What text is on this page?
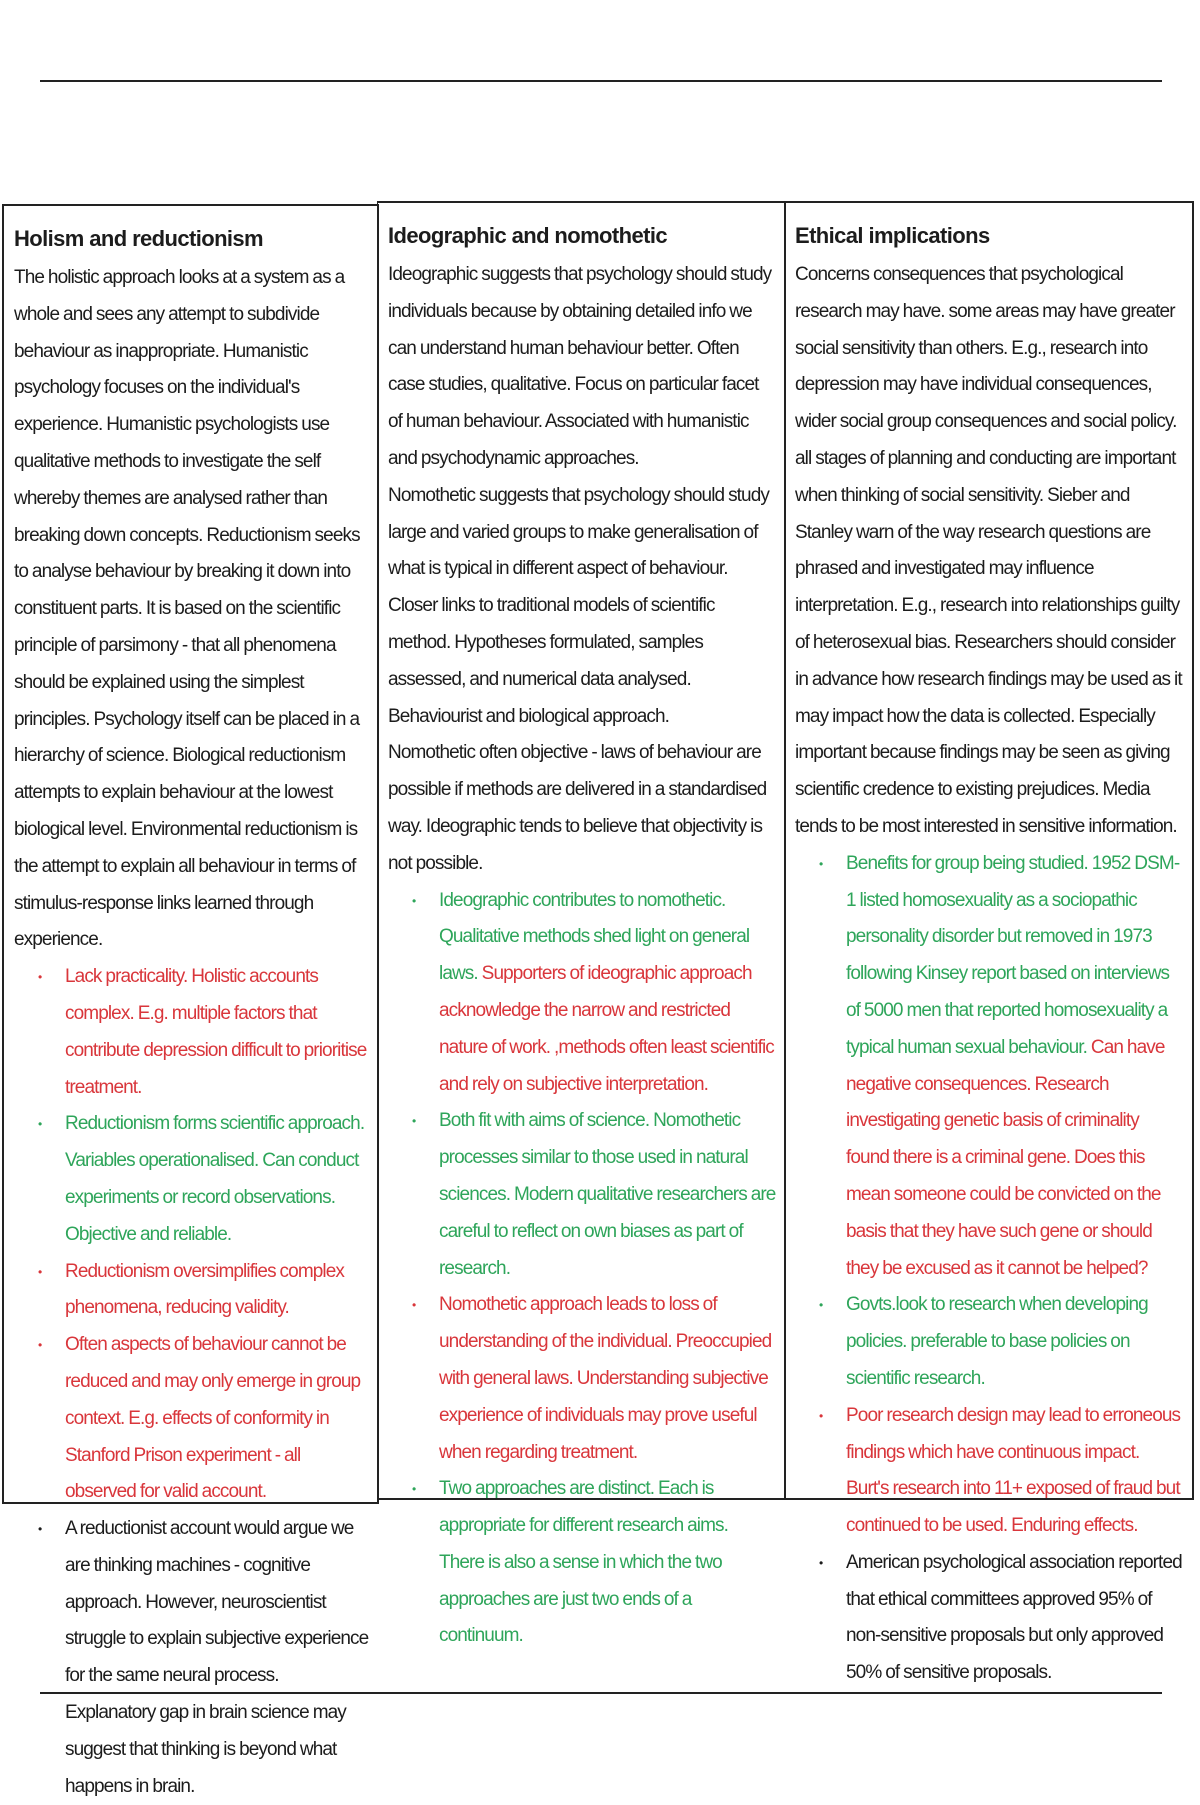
Holism and reductionism

The holistic approach looks at a system as a whole and sees any attempt to subdivide behaviour as inappropriate. Humanistic psychology focuses on the individual's experience. Humanistic psychologists use qualitative methods to investigate the self whereby themes are analysed rather than breaking down concepts. Reductionism seeks to analyse behaviour by breaking it down into constituent parts. It is based on the scientific principle of parsimony - that all phenomena should be explained using the simplest principles. Psychology itself can be placed in a hierarchy of science. Biological reductionism attempts to explain behaviour at the lowest biological level. Environmental reductionism is the attempt to explain all behaviour in terms of stimulus-response links learned through experience.

• Lack practicality. Holistic accounts complex. E.g. multiple factors that contribute depression difficult to prioritise treatment.
• Reductionism forms scientific approach. Variables operationalised. Can conduct experiments or record observations. Objective and reliable.
• Reductionism oversimplifies complex phenomena, reducing validity.
• Often aspects of behaviour cannot be reduced and may only emerge in group context. E.g. effects of conformity in Stanford Prison experiment - all observed for valid account.
• A reductionist account would argue we are thinking machines - cognitive approach. However, neuroscientist struggle to explain subjective experience for the same neural process. Explanatory gap in brain science may suggest that thinking is beyond what happens in brain.
Ideographic and nomothetic

Ideographic suggests that psychology should study individuals because by obtaining detailed info we can understand human behaviour better. Often case studies, qualitative. Focus on particular facet of human behaviour. Associated with humanistic and psychodynamic approaches.

Nomothetic suggests that psychology should study large and varied groups to make generalisation of what is typical in different aspect of behaviour. Closer links to traditional models of scientific method. Hypotheses formulated, samples assessed, and numerical data analysed. Behaviourist and biological approach.

Nomothetic often objective - laws of behaviour are possible if methods are delivered in a standardised way. Ideographic tends to believe that objectivity is not possible.

• Ideographic contributes to nomothetic. Qualitative methods shed light on general laws. Supporters of ideographic approach acknowledge the narrow and restricted nature of work. ,methods often least scientific and rely on subjective interpretation.
• Both fit with aims of science. Nomothetic processes similar to those used in natural sciences. Modern qualitative researchers are careful to reflect on own biases as part of research.
• Nomothetic approach leads to loss of understanding of the individual. Preoccupied with general laws. Understanding subjective experience of individuals may prove useful when regarding treatment.
• Two approaches are distinct. Each is appropriate for different research aims. There is also a sense in which the two approaches are just two ends of a continuum.
Ethical implications

Concerns consequences that psychological research may have. some areas may have greater social sensitivity than others. E.g., research into depression may have individual consequences, wider social group consequences and social policy. all stages of planning and conducting are important when thinking of social sensitivity. Sieber and Stanley warn of the way research questions are phrased and investigated may influence interpretation. E.g., research into relationships guilty of heterosexual bias. Researchers should consider in advance how research findings may be used as it may impact how the data is collected. Especially important because findings may be seen as giving scientific credence to existing prejudices. Media tends to be most interested in sensitive information.

• Benefits for group being studied. 1952 DSM-1 listed homosexuality as a sociopathic personality disorder but removed in 1973 following Kinsey report based on interviews of 5000 men that reported homosexuality a typical human sexual behaviour. Can have negative consequences. Research investigating genetic basis of criminality found there is a criminal gene. Does this mean someone could be convicted on the basis that they have such gene or should they be excused as it cannot be helped?
• Govts.look to research when developing policies. preferable to base policies on scientific research.
• Poor research design may lead to erroneous findings which have continuous impact. Burt's research into 11+ exposed of fraud but continued to be used. Enduring effects.
• American psychological association reported that ethical committees approved 95% of non-sensitive proposals but only approved 50% of sensitive proposals.
